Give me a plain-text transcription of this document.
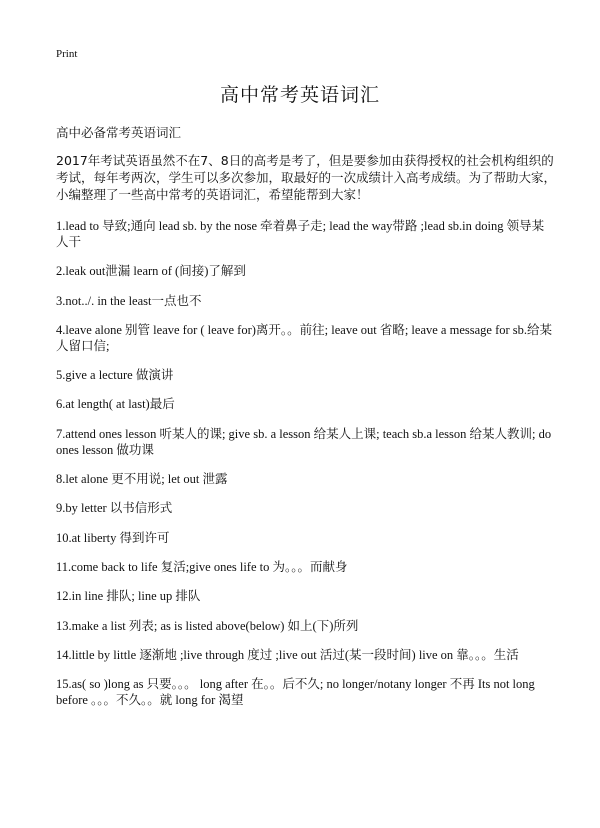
Print
高中常考英语词汇
高中必备常考英语词汇
2017年考试英语虽然不在7、8日的高考是考了，但是要参加由获得授权的社会机构组织的考试，每年考两次，学生可以多次参加，取最好的一次成绩计入高考成绩。为了帮助大家，小编整理了一些高中常考的英语词汇，希望能帮到大家！
1.lead to 导致;通向 lead sb. by the nose 牵着鼻子走; lead the way带路 ;lead sb.in doing 领导某人干
2.leak out泄漏 learn of (间接)了解到
3.not../. in the least一点也不
4.leave alone 别管 leave for ( leave for)离开。。前往; leave out 省略; leave a message for sb.给某人留口信;
5.give a lecture 做演讲
6.at length( at last)最后
7.attend ones lesson 听某人的课; give sb. a lesson 给某人上课; teach sb.a lesson 给某人教训; do ones lesson 做功课
8.let alone 更不用说; let out 泄露
9.by letter 以书信形式
10.at liberty 得到许可
11.come back to life 复活;give ones life to 为。。。而献身
12.in line 排队; line up 排队
13.make a list 列表; as is listed above(below) 如上(下)所列
14.little by little 逐渐地 ;live through 度过 ;live out 活过(某一段时间) live on 靠。。。生活
15.as( so )long as 只要。。。 long after 在。。后不久; no longer/notany longer 不再 Its not long before 。。。不久。。就 long for 渴望
